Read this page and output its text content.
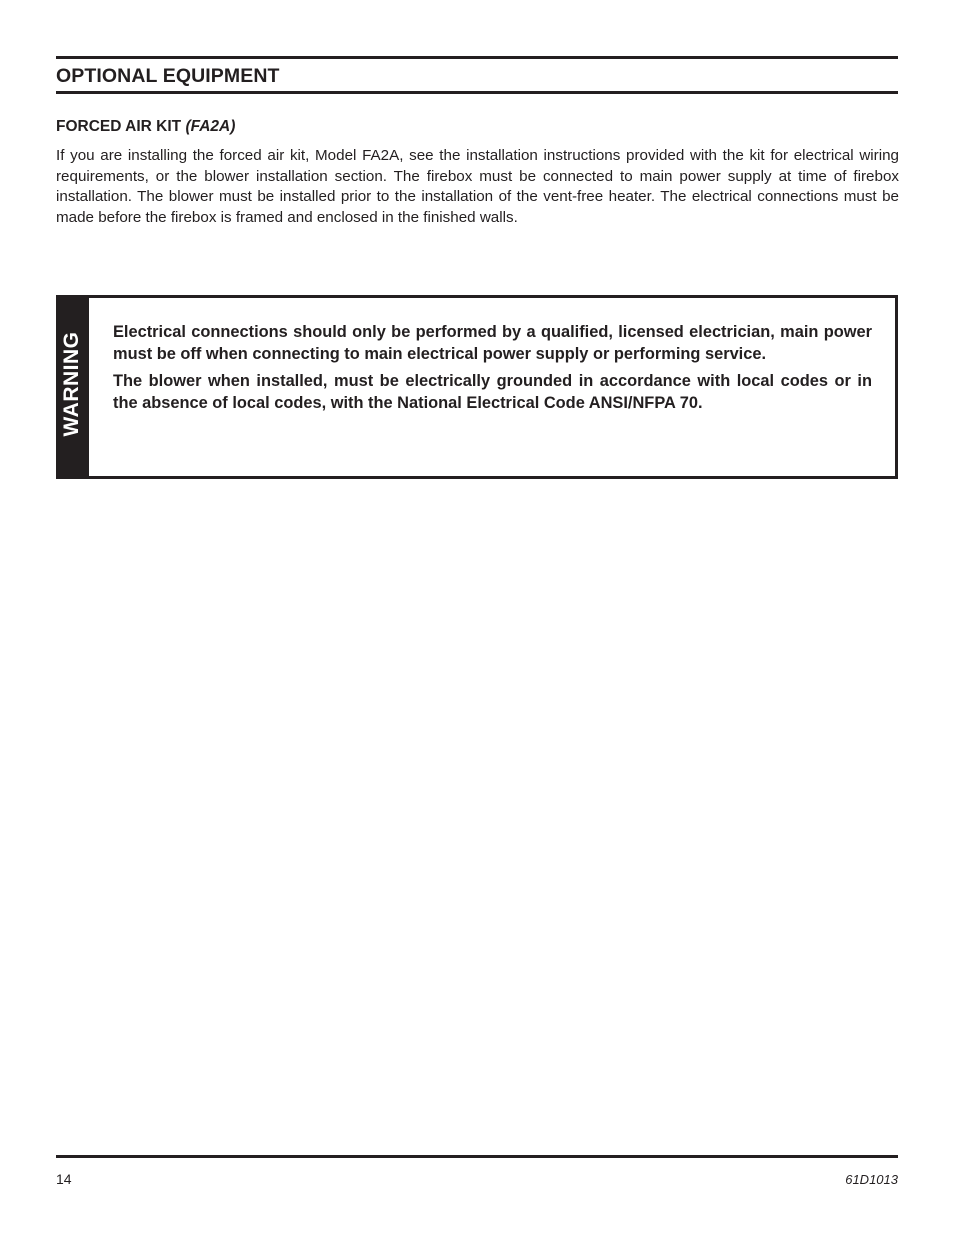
OPTIONAL EQUIPMENT
FORCED AIR KIT (FA2A)

If you are installing the forced air kit, Model FA2A, see the installation instructions provided with the kit for electrical wiring requirements, or the blower installation section. The firebox must be connected to main power supply at time of firebox installation. The blower must be installed prior to the installation of the vent-free heater. The electrical connections must be made before the firebox is framed and enclosed in the finished walls.

WARNING Electrical connections should only be performed by a qualified, licensed electrician, main power must be off when connecting to main electrical power supply or performing service.

The blower when installed, must be electrically grounded in accordance with local codes or in the absence of local codes, with the National Electrical Code ANSI/NFPA 70.

14	61D1013
